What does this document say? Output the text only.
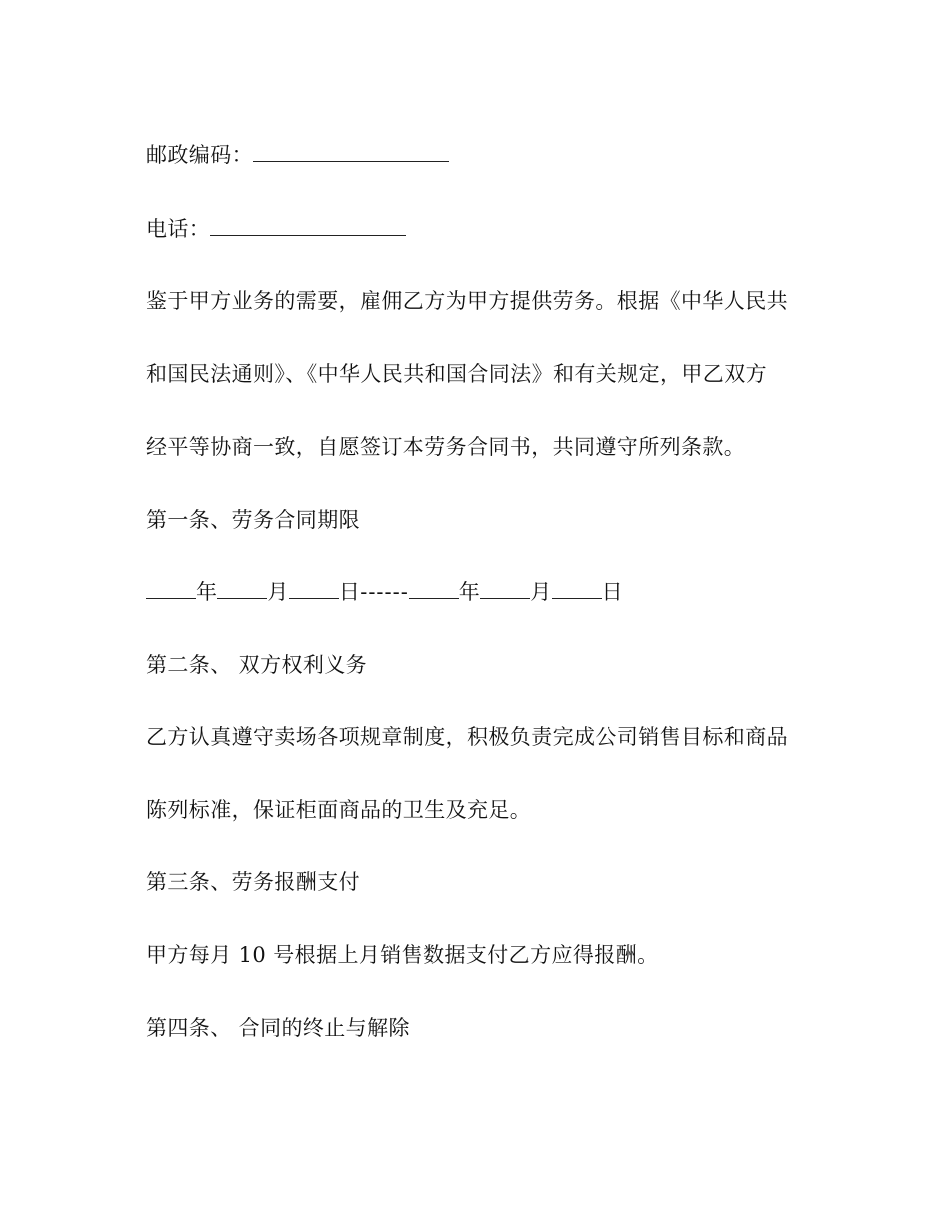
邮政编码：
电话：
鉴于甲方业务的需要，雇佣乙方为甲方提供劳务。根据《中华人民共
和国民法通则》、《中华人民共和国合同法》和有关规定，甲乙双方
经平等协商一致，自愿签订本劳务合同书，共同遵守所列条款。
第一条、劳务合同期限
年 月 日------ 年 月 日
第二条、 双方权利义务
乙方认真遵守卖场各项规章制度，积极负责完成公司销售目标和商品
陈列标准，保证柜面商品的卫生及充足。
第三条、劳务报酬支付
甲方每月 10 号根据上月销售数据支付乙方应得报酬。
第四条、 合同的终止与解除
